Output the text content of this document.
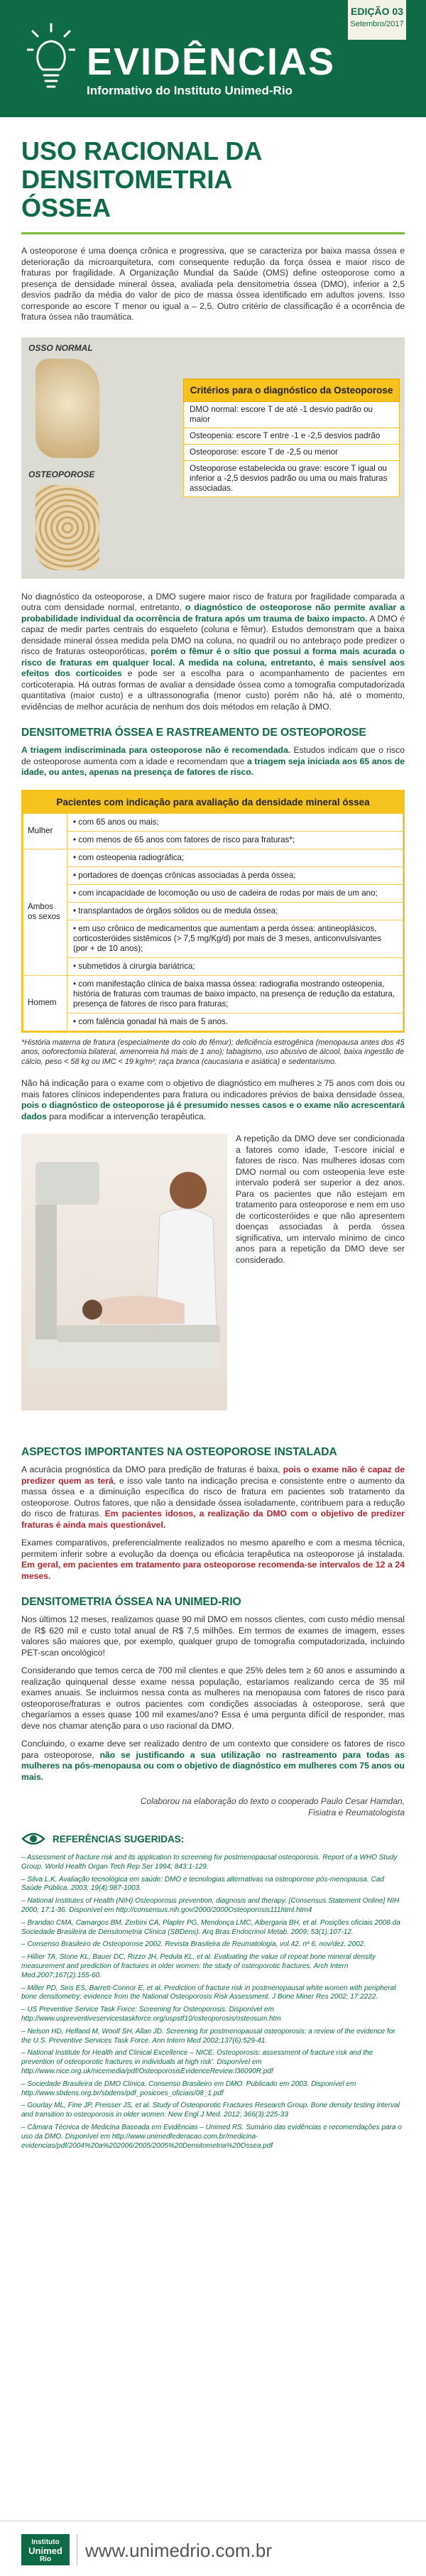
EDIÇÃO 03
Setembro/2017
EVIDÊNCIAS
Informativo do Instituto Unimed-Rio
USO RACIONAL DA DENSITOMETRIA ÓSSEA

A osteoporose é uma doença crônica e progressiva, que se caracteriza por baixa massa óssea e deterioração da microarquitetura, com consequente redução da força óssea e maior risco de fraturas por fragilidade. A Organização Mundial da Saúde (OMS) define osteoporose como a presença de densidade mineral óssea, avaliada pela densitometria óssea (DMO), inferior a 2,5 desvios padrão da média do valor de pico de massa óssea identificado em adultos jovens. Isso corresponde ao escore T menor ou igual a – 2,5. Outro critério de classificação é a ocorrência de fratura óssea não traumática.

OSSO NORMAL
OSTEOPOROSE
Critérios para o diagnóstico da Osteoporose
DMO normal: escore T de até -1 desvio padrão ou maior
Osteopenia: escore T entre -1 e -2,5 desvios padrão
Osteoporose: escore T de -2,5 ou menor
Osteoporose estabelecida ou grave: escore T igual ou inferior a -2,5 desvios padrão ou uma ou mais fraturas associadas.

No diagnóstico da osteoporose, a DMO sugere maior risco de fratura por fragilidade comparada a outra com densidade normal, entretanto, o diagnóstico de osteoporose não permite avaliar a probabilidade individual da ocorrência de fratura após um trauma de baixo impacto. A DMO é capaz de medir partes centrais do esqueleto (coluna e fêmur). Estudos demonstram que a baixa densidade mineral óssea medida pela DMO na coluna, no quadril ou no antebraço pode predizer o risco de fraturas osteoporóticas, porém o fêmur é o sítio que possui a forma mais acurada o risco de fraturas em qualquer local. A medida na coluna, entretanto, é mais sensível aos efeitos dos corticoides e pode ser a escolha para o acompanhamento de pacientes em corticoterapia. Há outras formas de avaliar a densidade óssea como a tomografia computadorizada quantitativa (maior custo) e a ultrassonografia (menor custo) porém não há, até o momento, evidências de melhor acurácia de nenhum dos dois métodos em relação à DMO.

DENSITOMETRIA ÓSSEA E RASTREAMENTO DE OSTEOPOROSE

A triagem indiscriminada para osteoporose não é recomendada. Estudos indicam que o risco de osteoporose aumenta com a idade e recomendam que a triagem seja iniciada aos 65 anos de idade, ou antes, apenas na presença de fatores de risco.

Pacientes com indicação para avaliação da densidade mineral óssea
Mulher	• com 65 anos ou mais;
	• com menos de 65 anos com fatores de risco para fraturas*;
Ambos os sexos	• com osteopenia radiográfica;
	• portadores de doenças crônicas associadas à perda óssea;
	• com incapacidade de locomoção ou uso de cadeira de rodas por mais de um ano;
	• transplantados de órgãos sólidos ou de medula óssea;
	• em uso crônico de medicamentos que aumentam a perda óssea: antineoplásicos, corticosteróides sistêmicos (> 7,5 mg/Kg/d) por mais de 3 meses, anticonvulsivantes (por + de 10 anos);
	• submetidos à cirurgia bariátrica;
Homem	• com manifestação clínica de baixa massa óssea: radiografia mostrando osteopenia, história de fraturas com traumas de baixo impacto, na presença de redução da estatura, presença de fatores de risco para fraturas;
	• com falência gonadal há mais de 5 anos.
*História materna de fratura (especialmente do colo do fêmur); deficiência estrogênica (menopausa antes dos 45 anos, ooforectomia bilateral, amenorreia há mais de 1 ano); tabagismo, uso abusivo de álcool, baixa ingestão de cálcio, peso < 58 kg ou IMC < 19 kg/m²; raça branca (caucasiana e asiática) e sedentarismo.

Não há indicação para o exame com o objetivo de diagnóstico em mulheres ≥ 75 anos com dois ou mais fatores clínicos independentes para fratura ou indicadores prévios de baixa densidade óssea, pois o diagnóstico de osteoporose já é presumido nesses casos e o exame não acrescentará dados para modificar a intervenção terapêutica.

A repetição da DMO deve ser condicionada a fatores como idade, T-escore inicial e fatores de risco. Nas mulheres idosas com DMO normal ou com osteopenia leve este intervalo poderá ser superior a dez anos. Para os pacientes que não estejam em tratamento para osteoporose e nem em uso de corticosteróides e que não apresentem doenças associadas à perda óssea significativa, um intervalo mínimo de cinco anos para a repetição da DMO deve ser considerado.
ASPECTOS IMPORTANTES NA OSTEOPOROSE INSTALADA

A acurácia prognóstica da DMO para predição de fraturas é baixa, pois o exame não é capaz de predizer quem as terá, e isso vale tanto na indicação precisa e consistente entre o aumento da massa óssea e a diminuição específica do risco de fratura em pacientes sob tratamento da osteoporose. Outros fatores, que não a densidade óssea isoladamente, contribuem para a redução do risco de fraturas. Em pacientes idosos, a realização da DMO com o objetivo de predizer fraturas é ainda mais questionável.

Exames comparativos, preferencialmente realizados no mesmo aparelho e com a mesma técnica, permitem inferir sobre a evolução da doença ou eficácia terapêutica na osteoporose já instalada. Em geral, em pacientes em tratamento para osteoporose recomenda-se intervalos de 12 a 24 meses.

DENSITOMETRIA ÓSSEA NA UNIMED-RIO

Nos últimos 12 meses, realizamos quase 90 mil DMO em nossos clientes, com custo médio mensal de R$ 620 mil e custo total anual de R$ 7,5 milhões. Em termos de exames de imagem, esses valores são maiores que, por exemplo, qualquer grupo de tomografia computadorizada, incluindo PET-scan oncológico!

Considerando que temos cerca de 700 mil clientes e que 25% deles tem ≥ 60 anos e assumindo a realização quinquenal desse exame nessa população, estaríamos realizando cerca de 35 mil exames anuais. Se incluirmos nessa conta as mulheres na menopausa com fatores de risco para osteoporose/fraturas e outros pacientes com condições associadas à osteoporose, será que chegaríamos a esses quase 100 mil exames/ano? Essa é uma pergunta difícil de responder, mas deve nos chamar atenção para o uso racional da DMO.

Concluindo, o exame deve ser realizado dentro de um contexto que considere os fatores de risco para osteoporose, não se justificando a sua utilização no rastreamento para todas as mulheres na pós-menopausa ou com o objetivo de diagnóstico em mulheres com 75 anos ou mais.

Colaborou na elaboração do texto o cooperado Paulo Cesar Hamdan,
Fisiatra e Reumatologista
REFERÊNCIAS SUGERIDAS:
– Assessment of fracture risk and its application to screening for postmenopausal osteoporosis. Report of a WHO Study Group. World Health Organ Tech Rep Ser 1994; 843:1-129.
– Silva L.K. Avaliação tecnológica em saúde: DMO e tecnologias alternativas na osteoporose pós-menopausa. Cad Saúde Pública. 2003; 19(4):987-1003.
– National Institutes of Health (NIH) Osteoporosis prevention, diagnosis and therapy. [Consensus Statement Online] NIH 2000; 17:1-36. Disponível em http://consensus.nih.gov/2000/2000Osteoporosis111html.htm4
– Brandao CMA, Camargos BM, Zerbini CA, Plapler PG, Mendonça LMC, Albergaria BH, et al. Posições oficiais 2008 da Sociedade Brasileira de Densitometria Clínica (SBDens). Arq Bras Endocrinol Metab. 2009; 53(1):107-12.
– Consenso Brasileiro de Osteoporose 2002. Revista Brasileira de Reumatologia, vol.42, nº 6, nov/dez. 2002.
– Hillier TA, Stone KL, Bauer DC, Rizzo JH, Pedula KL, et al. Evaluating the value of repeat bone mineral density measurement and prediction of fractures in older women: the study of osteoporotic fractures. Arch Intern Med.2007;167(2):155-60.
– Miller PD, Siris ES, Barrett-Connor E, et al. Prediction of fracture risk in postmenopausal white women with peripheral bone densitometry: evidence from the National Osteoporosis Risk Assessment. J Bone Miner Res 2002; 17:2222.
– US Preventive Service Task Force: Screening for Osteoporosis. Disponível em http://www.uspreventiveservicestaskforce.org/uspstf10/osteoporosis/osteosum.htm
– Nelson HD, Helfand M, Woolf SH, Allan JD. Screening for postmenopausal osteoporosis: a review of the evidence for the U.S. Preventive Services Task Force. Ann Intern Med 2002;137(6):529-41.
– National Institute for Health and Clinical Excellence – NICE. Osteoporosis: assessment of fracture risk and the prevention of osteoporotic fractures in individuals at high risk'. Disponível em http://www.nice.org.uk/nicemedia/pdf/OsteoporosisEvidenceReview.l36090R.pdf
– Sociedade Brasileira de DMO Clínica. Consenso Brasileiro em DMO. Publicado em 2003. Disponível em http://www.sbdens.org.br/sbdens/pdf_posicoes_oficiais/08_1.pdf
– Gourlay ML, Fine JP, Preisser JS, et al. Study of Osteoporotic Fractures Research Group. Bone density testing interval and transition to osteoporosis in older women. New Engl J Med. 2012; 366(3):225-33
– Câmara Técnica de Medicina Baseada em Evidências – Unimed RS. Sumário das evidências e recomendações para o uso da DMO. Disponível em http://www.unimedfederacao.com.br/medicina-evidencias/pdf/2004%20a%202006/2005/2005%20Densitometria%20Ossea.pdf
Instituto
Unimed
Rio	www.unimedrio.com.br
